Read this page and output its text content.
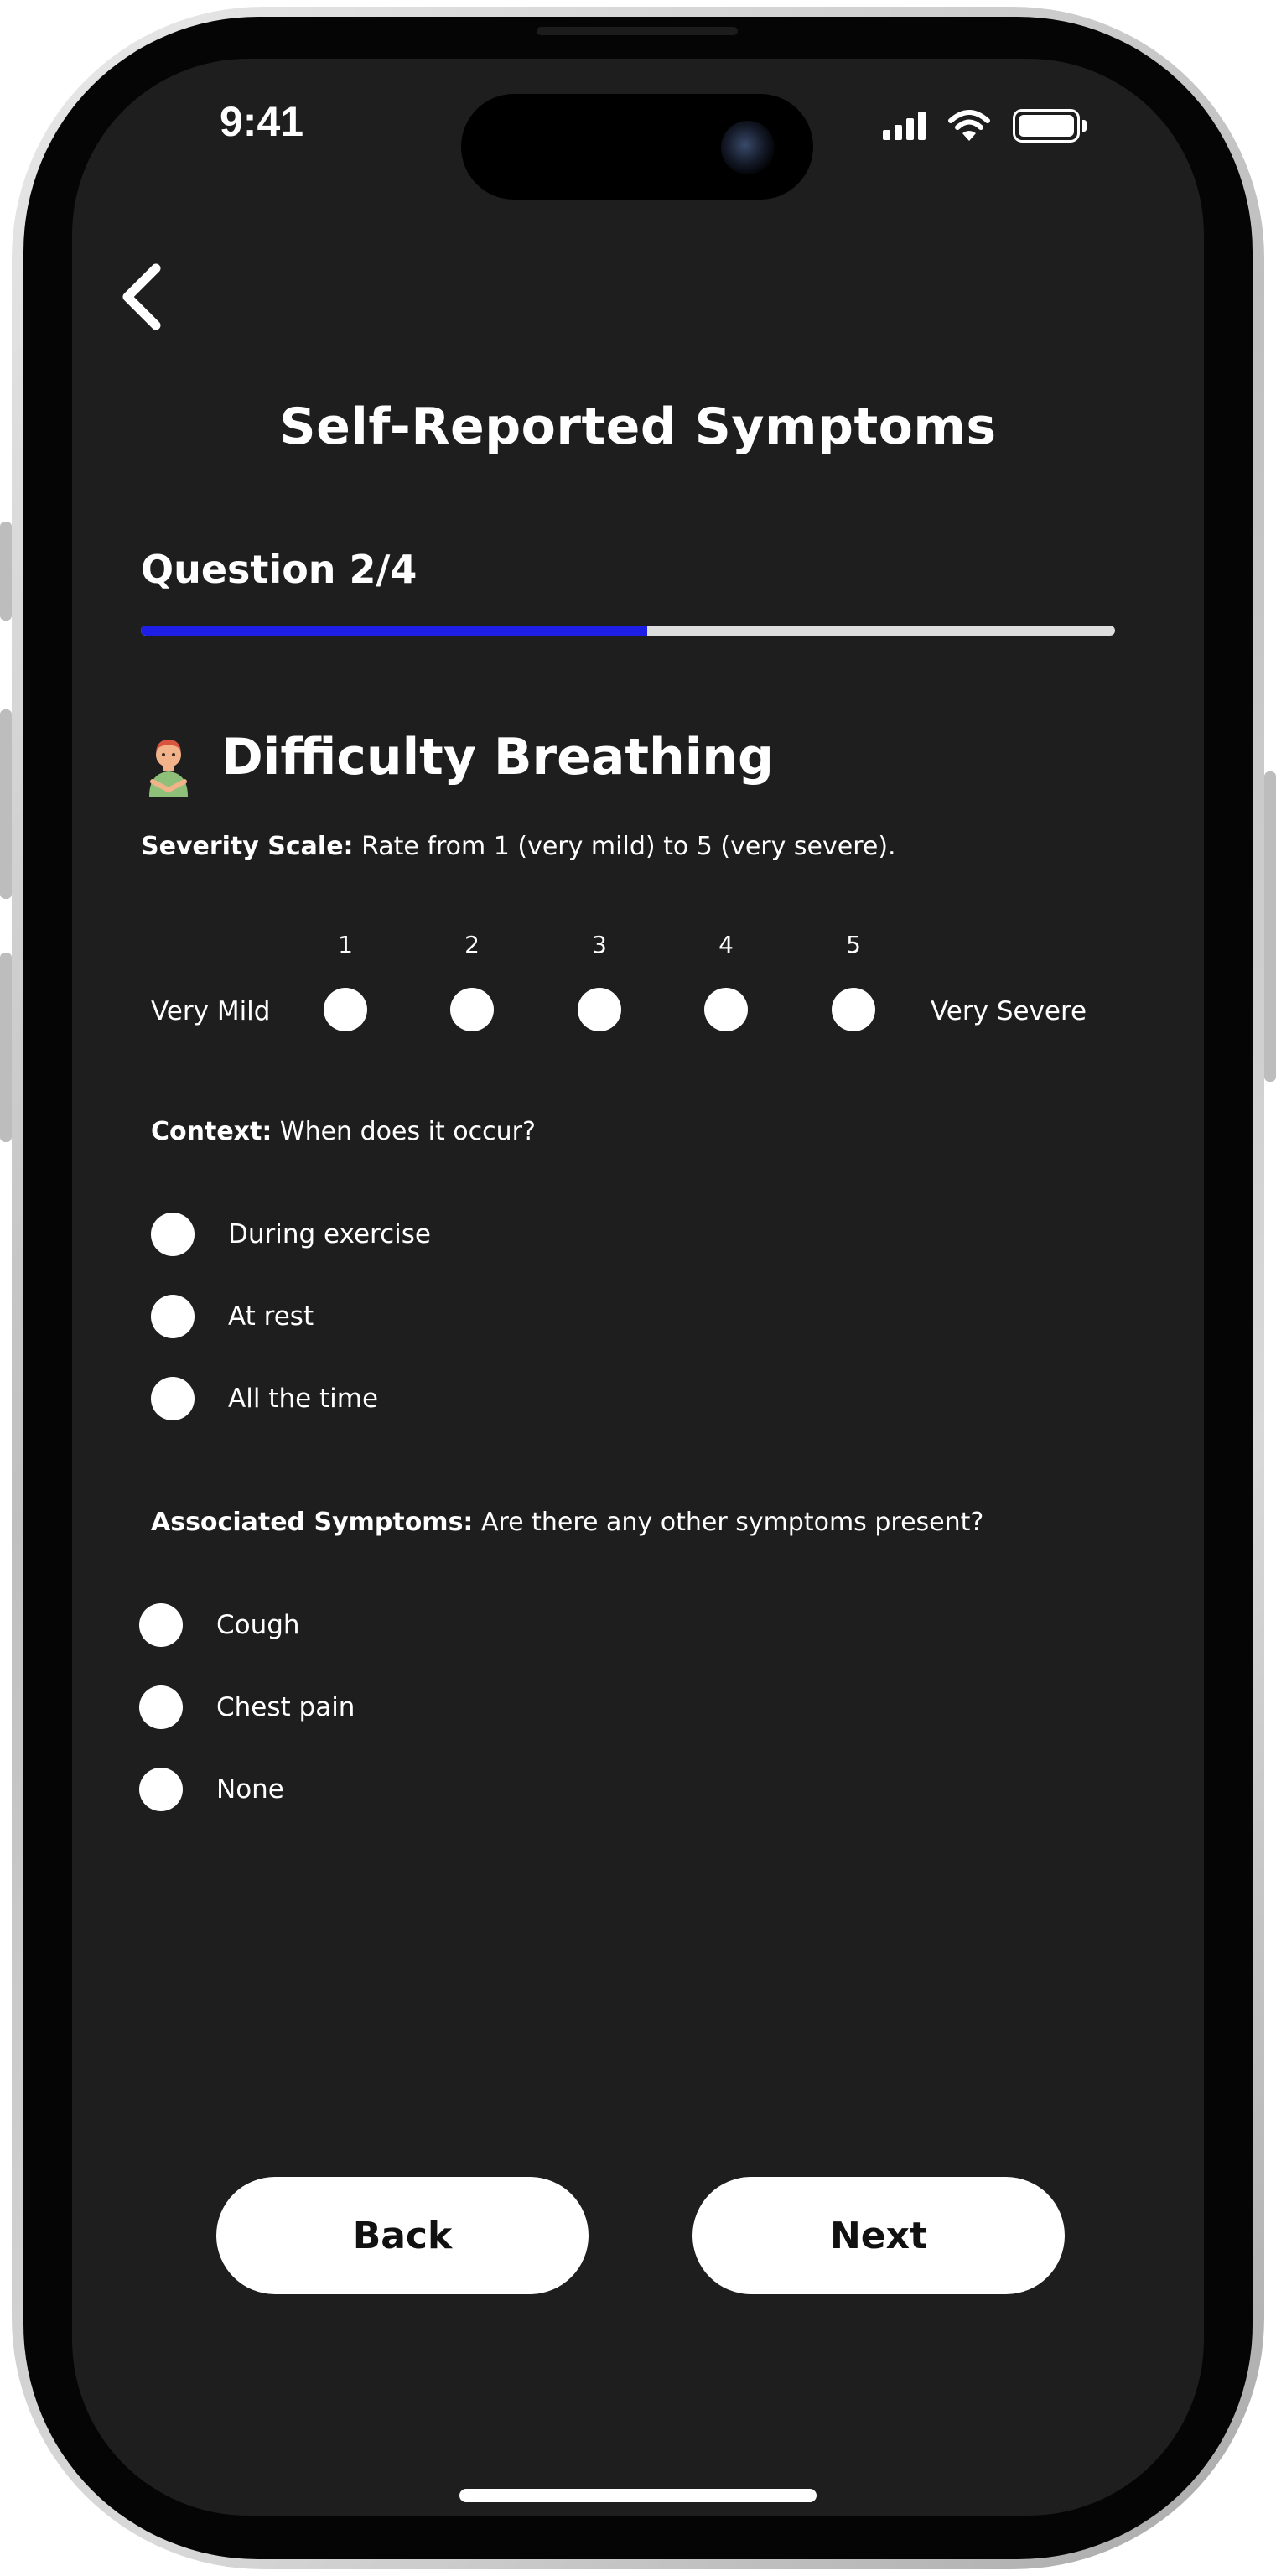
9:41
Self-Reported Symptoms
Question 2/4
Difficulty Breathing
Severity Scale: Rate from 1 (very mild) to 5 (very severe).
1	2	3	4	5
Very Mild	Very Severe
Context: When does it occur?
During exercise
At rest
All the time
Associated Symptoms: Are there any other symptoms present?
Cough
Chest pain
None
Back	Next
